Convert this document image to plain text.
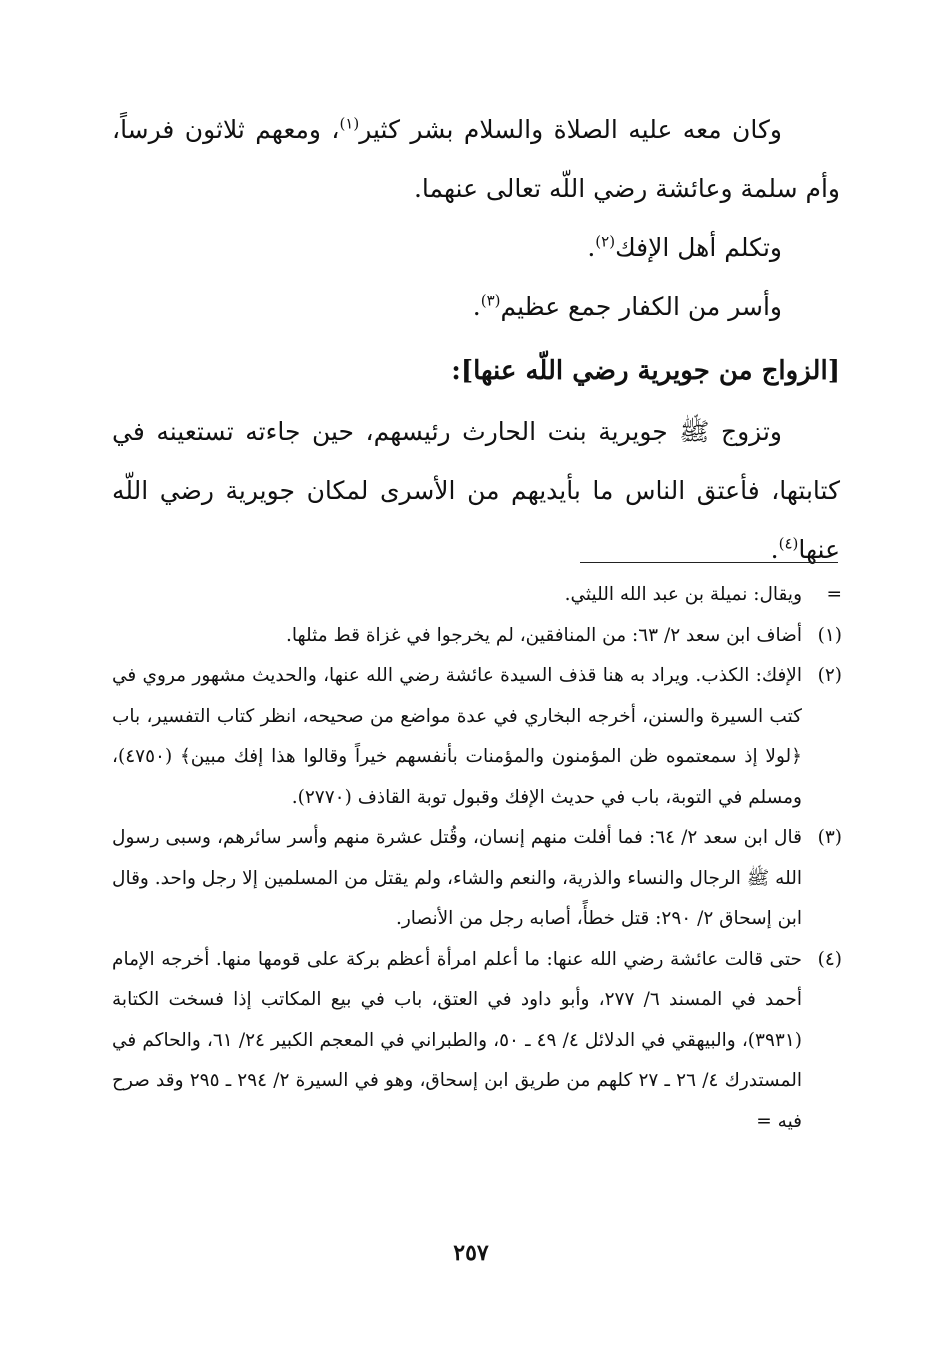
وكان معه عليه الصلاة والسلام بشر كثير$^{(١)}$، ومعهم ثلاثون فرساً، وأم سلمة وعائشة رضي اللّه تعالى عنهما.

وتكلم أهل الإفك$^{(٢)}$.

وأسر من الكفار جمع عظيم$^{(٣)}$.

[الزواج من جويرية رضي اللّه عنها]:

وتزوج ﷺ جويرية بنت الحارث رئيسهم، حين جاءته تستعينه في كتابتها، فأعتق الناس ما بأيديهم من الأسرى لمكان جويرية رضي اللّه عنها$^{(٤)}$.

=
ويقال: نميلة بن عبد الله الليثي.
(١)
أضاف ابن سعد ٢/ ٦٣: من المنافقين، لم يخرجوا في غزاة قط مثلها.
(٢)
الإفك: الكذب. ويراد به هنا قذف السيدة عائشة رضي الله عنها، والحديث مشهور مروي في كتب السيرة والسنن، أخرجه البخاري في عدة مواضع من صحيحه، انظر كتاب التفسير، باب ﴿لولا إذ سمعتموه ظن المؤمنون والمؤمنات بأنفسهم خيراً وقالوا هذا إفك مبين﴾ (٤٧٥٠)، ومسلم في التوبة، باب في حديث الإفك وقبول توبة القاذف (٢٧٧٠).
(٣)
قال ابن سعد ٢/ ٦٤: فما أفلت منهم إنسان، وقُتل عشرة منهم وأسر سائرهم، وسبى رسول الله ﷺ الرجال والنساء والذرية، والنعم والشاء، ولم يقتل من المسلمين إلا رجل واحد. وقال ابن إسحاق ٢/ ٢٩٠: قتل خطأً، أصابه رجل من الأنصار.
(٤)
حتى قالت عائشة رضي الله عنها: ما أعلم امرأة أعظم بركة على قومها منها. أخرجه الإمام أحمد في المسند ٦/ ٢٧٧، وأبو داود في العتق، باب في بيع المكاتب إذا فسخت الكتابة (٣٩٣١)، والبيهقي في الدلائل ٤/ ٤٩ ـ ٥٠، والطبراني في المعجم الكبير ٢٤/ ٦١، والحاكم في المستدرك ٤/ ٢٦ ـ ٢٧ كلهم من طريق ابن إسحاق، وهو في السيرة ٢/ ٢٩٤ ـ ٢٩٥ وقد صرح فيه =
٢٥٧
